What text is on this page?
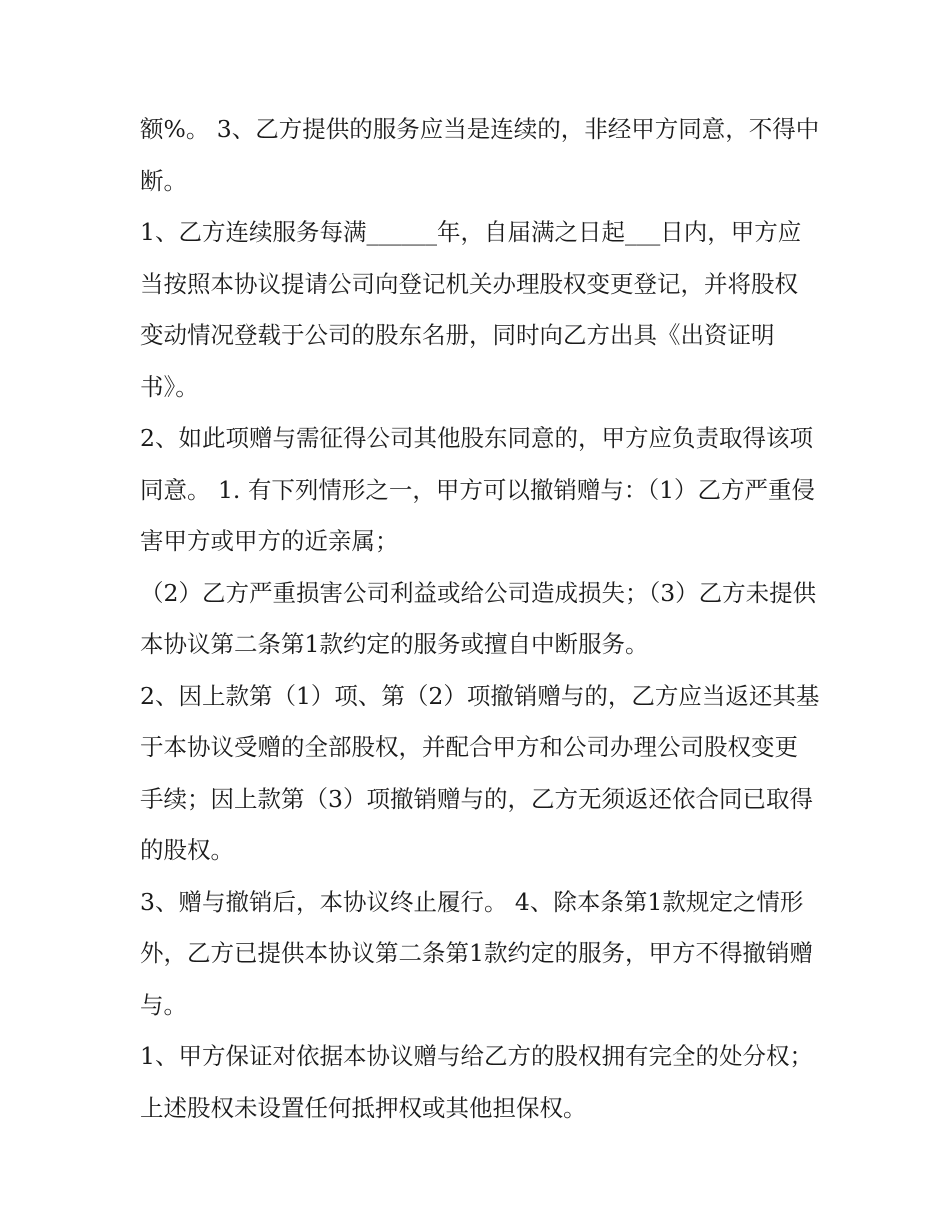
额%。 3、乙方提供的服务应当是连续的，非经甲方同意，不得中断。

1、乙方连续服务每满______年，自届满之日起___日内，甲方应当按照本协议提请公司向登记机关办理股权变更登记，并将股权变动情况登载于公司的股东名册，同时向乙方出具《出资证明书》。

2、如此项赠与需征得公司其他股东同意的，甲方应负责取得该项同意。 1. 有下列情形之一，甲方可以撤销赠与：（1）乙方严重侵害甲方或甲方的近亲属；

（2）乙方严重损害公司利益或给公司造成损失；（3）乙方未提供本协议第二条第1款约定的服务或擅自中断服务。

2、因上款第（1）项、第（2）项撤销赠与的，乙方应当返还其基于本协议受赠的全部股权，并配合甲方和公司办理公司股权变更手续；因上款第（3）项撤销赠与的，乙方无须返还依合同已取得的股权。

3、赠与撤销后，本协议终止履行。 4、除本条第1款规定之情形外，乙方已提供本协议第二条第1款约定的服务，甲方不得撤销赠与。

1、甲方保证对依据本协议赠与给乙方的股权拥有完全的处分权；上述股权未设置任何抵押权或其他担保权。
